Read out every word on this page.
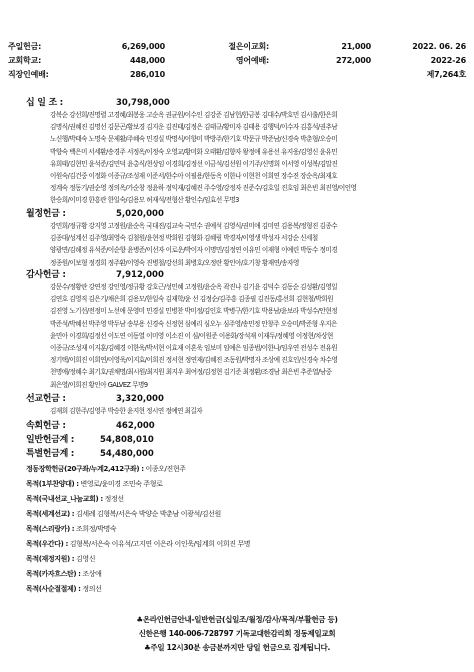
주일헌금:	6,269,000	절은이교회:	21,000	2022. 06. 26
교회학교:	448,000	영어예배:	272,000	2022-26
직장인예배:	286,010	제7,264호
십 일 조 :	30,798,000
강복순 강선희/진명렬 고경혜/최봉웅 고순옥 권균원/이수인 김강준 김남헌/한금봉 김대수/박호민 김시출/한은희
김명식/권혜진 김명선 김문곤/황보경 김지운 김진태/김정은 김태규/황미자 김태용 김행덕/이수자 김홍석/권추남
노신행/박태숙 노명숙 문제활/주혜숙 민경실 박명식/이향미 박방주/한기호 박문규 박준남/신경숙 박춘형/오승미
박향숙 백은미 서세환/송경주 서정옥/이정숙 오영교/황미화 오태환/김향자 왕정애 유용선 유지웅/김영신 윤유민
유희태/김현민 윤석준/김민덕 윤총식/천상임 이경희/김정선 이금석/김선원 이기주/신명희 이서영 이성복/김말진
이원숙/김건중 이정화 이종규/조성재 이준서/한수아 이필용/한동옥 이한나 이현천 이희연 장수진 장순옥/최재호
정계숙 정동기/권순영 정의옥/가순창 정윤하 정익재/김혜진 주수영/강정자 진준수/김호일 진호임 최은빈 최진영/이인영
한승희/이미경 한흥란 한일숙/김용모 허재석/전형산 황인수/임효선 무명3
월정헌금 :	5,020,000
강민희/정규황 강지영 고정원/윤순옥 국대진/김교숙 국민수 권예석 김영식/권미애 김미연 김용복/정형진 김종수
김종대/성계선 김주영/최영숙 김철원/윤현정 박희원 김형화 김혜림 박경자/이영생 박성자 서강순 신세철
양광면/김해정 유석준/이순향 윤병준/이선자 이로운/박이자 이명민/김정연 이유민 이재형 이예린 박동수 정미경
정종원/이보형 정경희 정주환/이영숙 진병철/강선희 최병호/오정란 황인아/호기창 황재연/송자영
감사헌금 :	7,912,000
강문수/정황란 강연정 강인영/정규황 강호근/성민혜 고정원/윤순옥 곽진나 김기윤 김덕수 김동순 김성환/김영일
김연호 김영직 김은기/채은희 김용모/한일숙 김재학/윤 선 김정순/김주흥 김종필 김진동/홍선희 김현철/박희원
김진영 노기선/전정미 노선애 문영미 민경실 민병찬 박미정/김인호 박병구/한기호 박용남/윤보라 박성수/안현정
박준석/박혜선 박주영 박두남 송부용 신경숙 신정현 심예리 심오누 심주영/송민정 안창주 오승미/박준형 우지은
윤민아 이경희/김정선 이도연 이동열 이미영 이소진 이 심/이원준 이용화/장석재 이재두/정혜영 이정현/차상현
이종규/조성재 이지훈/김혜경 이한욱/박서현 이효재 이혼욱 임보미 임예은 임종범/이한나/임우연 전성수 전유원
정기택/이희진 이희연/이영욱/이지효/이희진 정서현 정연재/김혜진 조동원/박명자 조상예 진호인/신경숙 차수영
천명애/정혜수 최기호/권채명/최시원/최지원 최지우 최여정/김정현 김기준 최정환/조경남 최은빈 추준열/남중
최은영/이희진 황인아 GALVEZ 무명9
선교헌금 :	3,320,000
김재희 김한주/김영주 박승한 윤지현 정시연 정예연 최길자
속회헌금 :	462,000
일반헌금계 :	54,808,010
특별헌금계 :	54,480,000
정동장학헌금(20구좌/누계2,412구좌) : 이종오/진현주
목적(1부찬양대) : 변영로/윤미경 조민숙 주형로
목적(국내선교_나눔교회) : 정정선
목적(세계선교) : 김세례 김형복/서은숙 박양순 박춘남 이광석/김선원
목적(스리랑카) : 조희정/박명숙
목적(우간다) : 김형복/서은숙 이유석/고지연 이은라 이인욱/임계희 이희진 무명
목적(재정지원) : 김영신
목적(카자흐스탄) : 조상애
목적(사순절절제) : 정의선
♣온라인헌금안내-일반헌금(십일조/월정/감사/목적/부활헌금 등)
신한은행 140-006-728797 기독교대한감리회 정동제일교회
♣주일 12시30분 송금분까지만 당일 헌금으로 집계됩니다.
